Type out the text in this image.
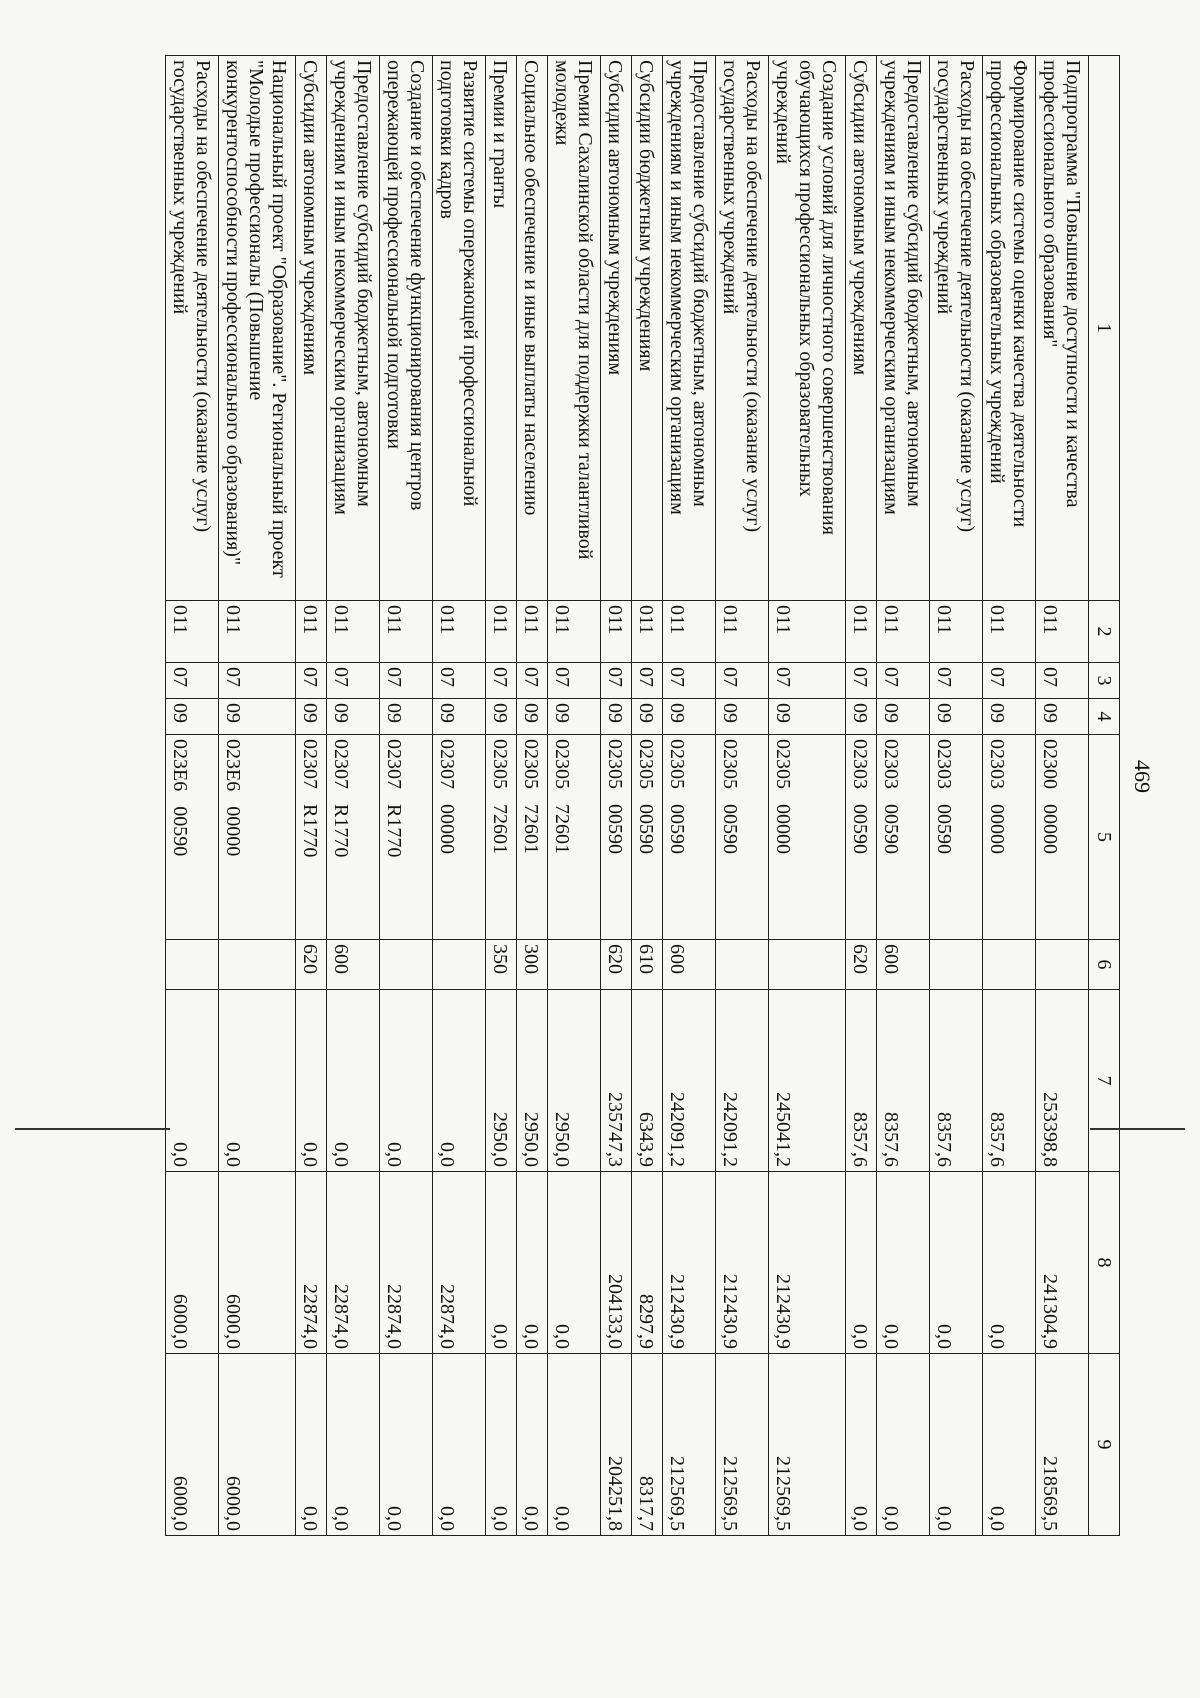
469
1	2	3	4	5	6	7	8	9
Подпрограмма "Повышение доступности и качества профессионального образования"	011	07	09	02300   00000		253398,8	241304,9	218569,5
Формирование системы оценки качества деятельности профессиональных образовательных учреждений	011	07	09	02303   00000		8357,6	0,0	0,0
Расходы на обеспечение деятельности (оказание услуг) государственных учреждений	011	07	09	02303   00590		8357,6	0,0	0,0
Предоставление субсидий бюджетным, автономным учреждениям и иным некоммерческим организациям	011	07	09	02303   00590	600	8357,6	0,0	0,0
Субсидии автономным учреждениям	011	07	09	02303   00590	620	8357,6	0,0	0,0
Создание условий для личностного совершенствования обучающихся профессиональных образовательных учреждений	011	07	09	02305   00000		245041,2	212430,9	212569,5
Расходы на обеспечение деятельности (оказание услуг) государственных учреждений	011	07	09	02305   00590		242091,2	212430,9	212569,5
Предоставление субсидий бюджетным, автономным учреждениям и иным некоммерческим организациям	011	07	09	02305   00590	600	242091,2	212430,9	212569,5
Субсидии бюджетным учреждениям	011	07	09	02305   00590	610	6343,9	8297,9	8317,7
Субсидии автономным учреждениям	011	07	09	02305   00590	620	235747,3	204133,0	204251,8
Премии Сахалинской области для поддержки талантливой молодежи	011	07	09	02305   72601		2950,0	0,0	0,0
Социальное обеспечение и иные выплаты населению	011	07	09	02305   72601	300	2950,0	0,0	0,0
Премии и гранты	011	07	09	02305   72601	350	2950,0	0,0	0,0
Развитие системы опережающей профессиональной подготовки кадров	011	07	09	02307   00000		0,0	22874,0	0,0
Создание и обеспечение функционирования центров опережающей профессиональной подготовки	011	07	09	02307   R1770		0,0	22874,0	0,0
Предоставление субсидий бюджетным, автономным учреждениям и иным некоммерческим организациям	011	07	09	02307   R1770	600	0,0	22874,0	0,0
Субсидии автономным учреждениям	011	07	09	02307   R1770	620	0,0	22874,0	0,0
Национальный проект "Образование". Региональный проект "Молодые профессионалы (Повышение конкурентоспособности профессионального образования)"	011	07	09	023Е6   00000		0,0	6000,0	6000,0
Расходы на обеспечение деятельности (оказание услуг) государственных учреждений	011	07	09	023Е6   00590		0,0	6000,0	6000,0
